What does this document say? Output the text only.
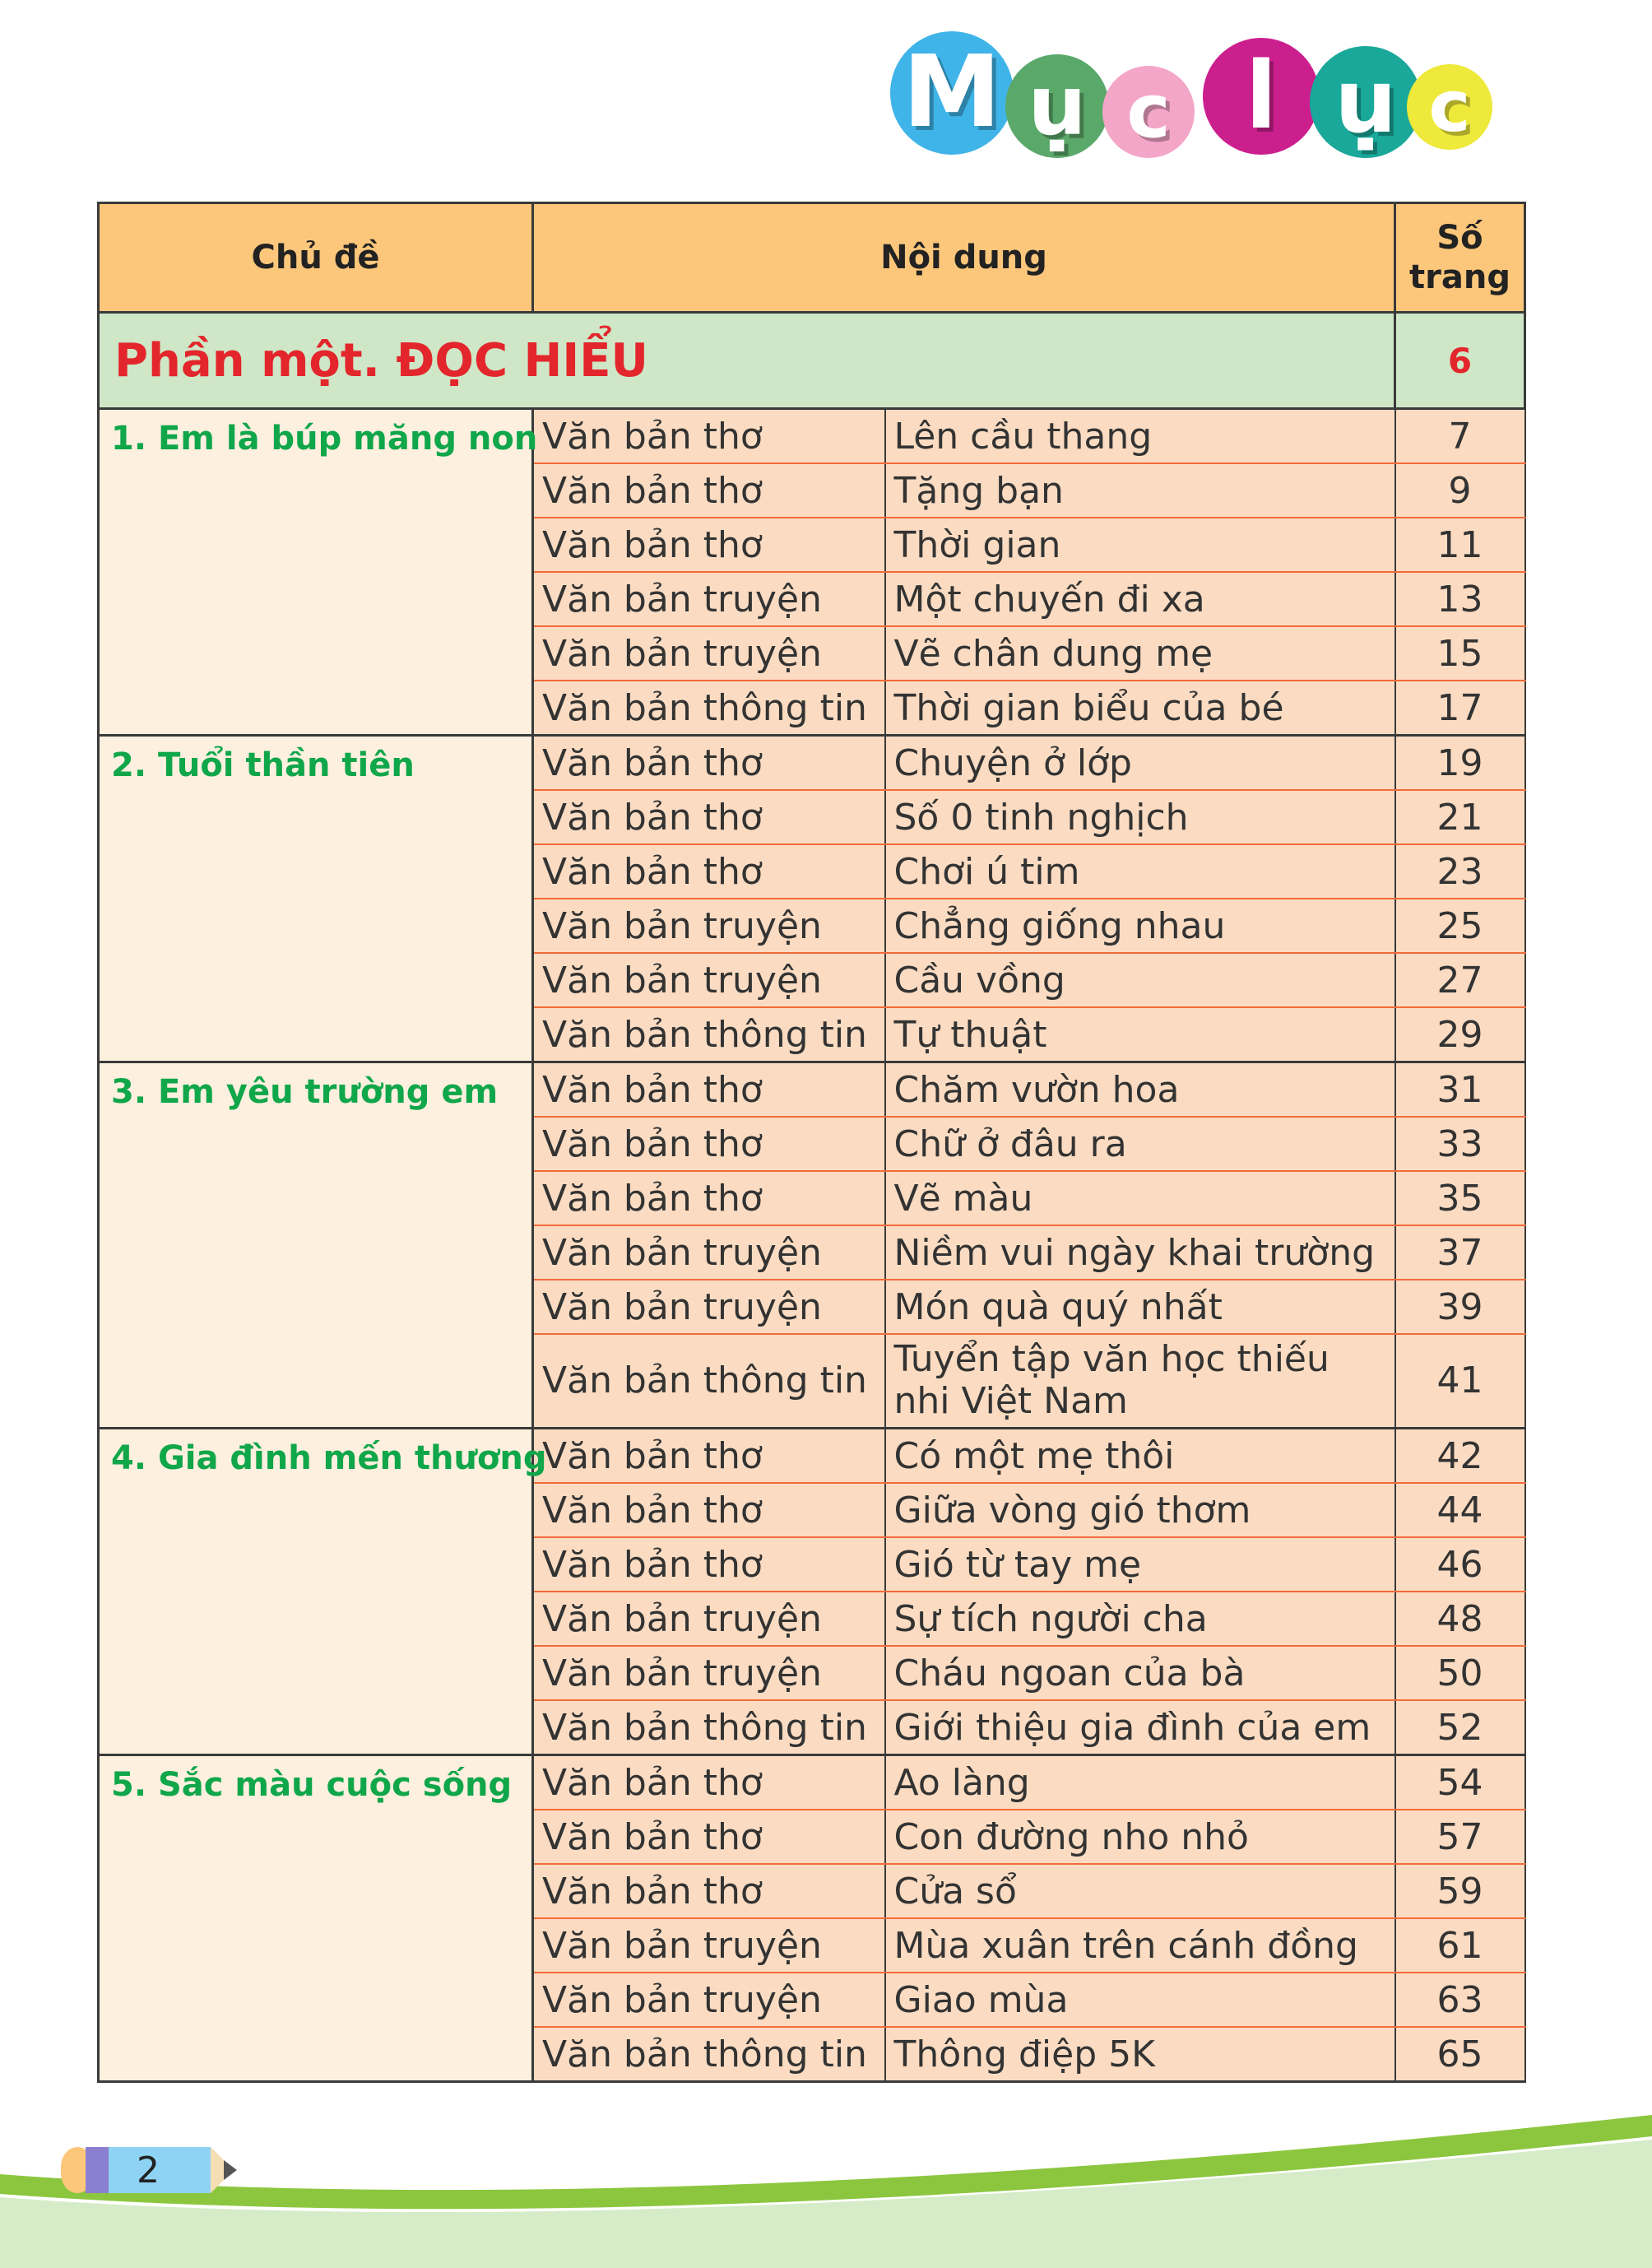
M ụ c l ụ c
Chủ đề	Nội dung		Số
trang
Phần một. ĐỌC HIỂU			6
1. Em là búp măng non	Văn bản thơ	Lên cầu thang	7
	Văn bản thơ	Tặng bạn	9
	Văn bản thơ	Thời gian	11
	Văn bản truyện	Một chuyến đi xa	13
	Văn bản truyện	Vẽ chân dung mẹ	15
	Văn bản thông tin	Thời gian biểu của bé	17
2. Tuổi thần tiên	Văn bản thơ	Chuyện ở lớp	19
	Văn bản thơ	Số 0 tinh nghịch	21
	Văn bản thơ	Chơi ú tim	23
	Văn bản truyện	Chẳng giống nhau	25
	Văn bản truyện	Cầu vồng	27
	Văn bản thông tin	Tự thuật	29
3. Em yêu trường em	Văn bản thơ	Chăm vườn hoa	31
	Văn bản thơ	Chữ ở đâu ra	33
	Văn bản thơ	Vẽ màu	35
	Văn bản truyện	Niềm vui ngày khai trường	37
	Văn bản truyện	Món quà quý nhất	39
	Văn bản thông tin	Tuyển tập văn học thiếu nhi Việt Nam	41
4. Gia đình mến thương	Văn bản thơ	Có một mẹ thôi	42
	Văn bản thơ	Giữa vòng gió thơm	44
	Văn bản thơ	Gió từ tay mẹ	46
	Văn bản truyện	Sự tích người cha	48
	Văn bản truyện	Cháu ngoan của bà	50
	Văn bản thông tin	Giới thiệu gia đình của em	52
5. Sắc màu cuộc sống	Văn bản thơ	Ao làng	54
	Văn bản thơ	Con đường nho nhỏ	57
	Văn bản thơ	Cửa sổ	59
	Văn bản truyện	Mùa xuân trên cánh đồng	61
	Văn bản truyện	Giao mùa	63
	Văn bản thông tin	Thông điệp 5K	65
2
